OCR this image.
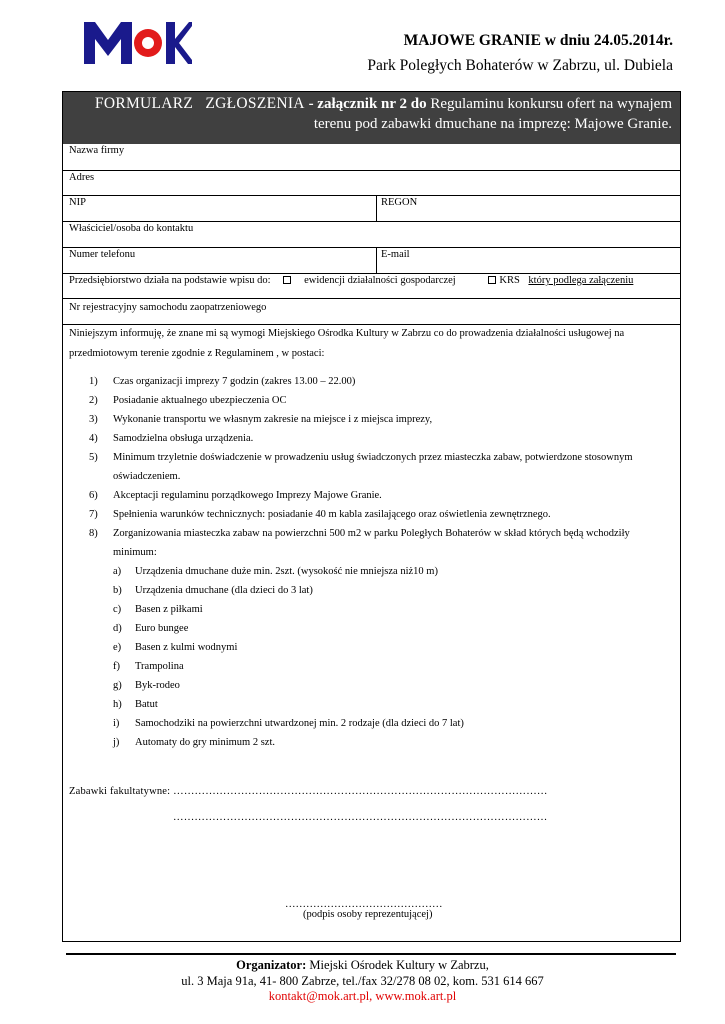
MAJOWE GRANIE w dniu 24.05.2014r.
Park Poległych Bohaterów w Zabrzu, ul. Dubiela
FORMULARZ ZGŁOSZENIA - załącznik nr 2 do Regulaminu konkursu ofert na wynajem
terenu pod zabawki dmuchane na imprezę: Majowe Granie.
Nazwa firmy
Adres
NIP	REGON
Właściciel/osoba do kontaktu
Numer telefonu	E-mail
Przedsiębiorstwo działa na podstawie wpisu do:	ewidencji działalności gospodarczej	KRS który podlega załączeniu
Nr rejestracyjny samochodu zaopatrzeniowego
Niniejszym informuję, że znane mi są wymogi Miejskiego Ośrodka Kultury w Zabrzu co do prowadzenia działalności usługowej na
przedmiotowym terenie zgodnie z Regulaminem , w postaci:
1)	Czas organizacji imprezy 7 godzin (zakres 13.00 – 22.00)
2)	Posiadanie aktualnego ubezpieczenia OC
3)	Wykonanie transportu we własnym zakresie na miejsce i z miejsca imprezy,
4)	Samodzielna obsługa urządzenia.
5)	Minimum trzyletnie doświadczenie w prowadzeniu usług świadczonych przez miasteczka zabaw, potwierdzone stosownym
oświadczeniem.
6)	Akceptacji regulaminu porządkowego Imprezy Majowe Granie.
7)	Spełnienia warunków technicznych: posiadanie 40 m kabla zasilającego oraz oświetlenia zewnętrznego.
8)	Zorganizowania miasteczka zabaw na powierzchni 500 m2 w parku Poległych Bohaterów w skład których będą wchodziły
minimum:
a) Urządzenia dmuchane duże min. 2szt. (wysokość nie mniejsza niż10 m)
b) Urządzenia dmuchane (dla dzieci do 3 lat)
c) Basen z piłkami
d) Euro bungee
e) Basen z kulmi wodnymi
f) Trampolina
g) Byk-rodeo
h) Batut
i) Samochodziki na powierzchni utwardzonej min. 2 rodzaje (dla dzieci do 7 lat)
j) Automaty do gry minimum 2 szt.
Zabawki fakultatywne: ……………………………………………………………………………………………
……………………………………………………………………………………………
………………………………………
(podpis osoby reprezentującej)
Organizator: Miejski Ośrodek Kultury w Zabrzu,
ul. 3 Maja 91a, 41- 800 Zabrze, tel./fax 32/278 08 02, kom. 531 614 667
kontakt@mok.art.pl, www.mok.art.pl
